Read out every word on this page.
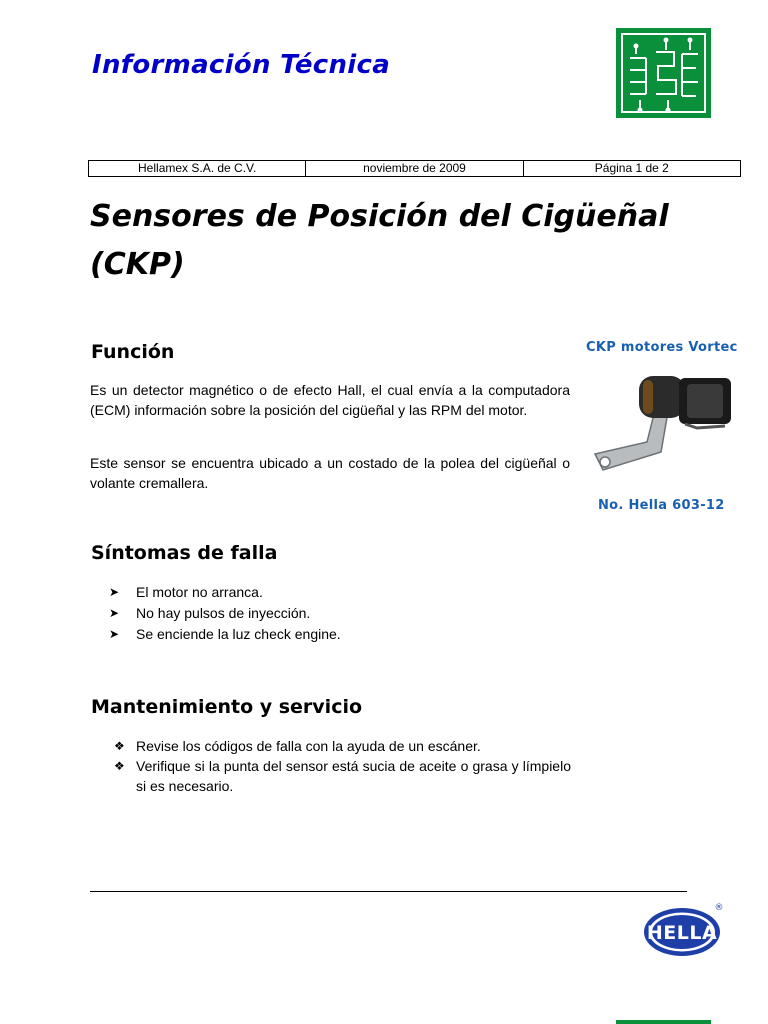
Información Técnica
Hellamex S.A. de C.V.	noviembre de 2009	Página 1 de 2
Sensores de Posición del Cigüeñal (CKP)
Función

Es un detector magnético o de efecto Hall, el cual envía a la computadora (ECM) información sobre la posición del cigüeñal y las RPM del motor.

Este sensor se encuentra ubicado a un costado de la polea del cigüeñal o volante cremallera.

CKP motores Vortec
No. Hella 603-12
Síntomas de falla
➤ El motor no arranca.
➤ No hay pulsos de inyección.
➤ Se enciende la luz check engine.
Mantenimiento y servicio
❖ Revise los códigos de falla con la ayuda de un escáner.
❖ Verifique si la punta del sensor está sucia de aceite o grasa y límpielo si es necesario.
HELLA
®
